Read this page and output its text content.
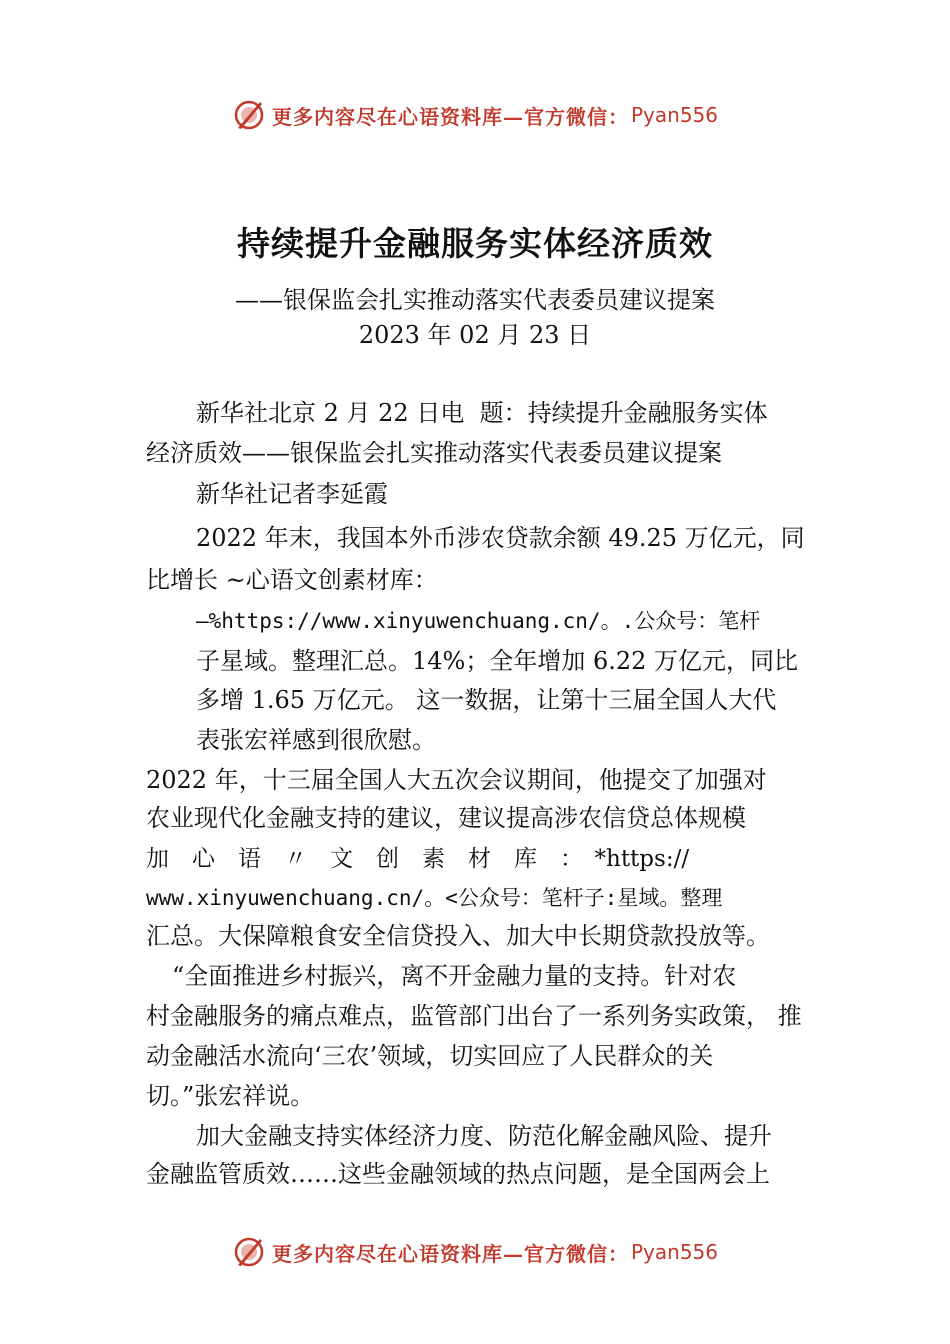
更多内容尽在心语资料库—官方微信： Pyan556
持续提升金融服务实体经济质效
——银保监会扎实推动落实代表委员建议提案
2023 年 02 月 23 日
新华社北京 2 月 22 日电  题：持续提升金融服务实体
经济质效——银保监会扎实推动落实代表委员建议提案
新华社记者李延霞
2022 年末，我国本外币涉农贷款余额 49.25 万亿元，同
比增长 ~心语文创素材库：
—%https://www.xinyuwenchuang.cn/。.公众号：笔杆
子星域。整理汇总。14%；全年增加 6.22 万亿元，同比
多增 1.65 万亿元。 这一数据，让第十三届全国人大代
表张宏祥感到很欣慰。
2022 年，十三届全国人大五次会议期间，他提交了加强对
农业现代化金融支持的建议，建议提高涉农信贷总体规模
加　心　语　〃　文　创　素　材　库　：　*https://
www.xinyuwenchuang.cn/。<公众号：笔杆子:星域。整理
汇总。大保障粮食安全信贷投入、加大中长期贷款投放等。
“全面推进乡村振兴，离不开金融力量的支持。针对农
村金融服务的痛点难点，监管部门出台了一系列务实政策， 推
动金融活水流向‘三农’领域，切实回应了人民群众的关
切。”张宏祥说。
加大金融支持实体经济力度、防范化解金融风险、提升
金融监管质效……这些金融领域的热点问题，是全国两会上
更多内容尽在心语资料库—官方微信： Pyan556
